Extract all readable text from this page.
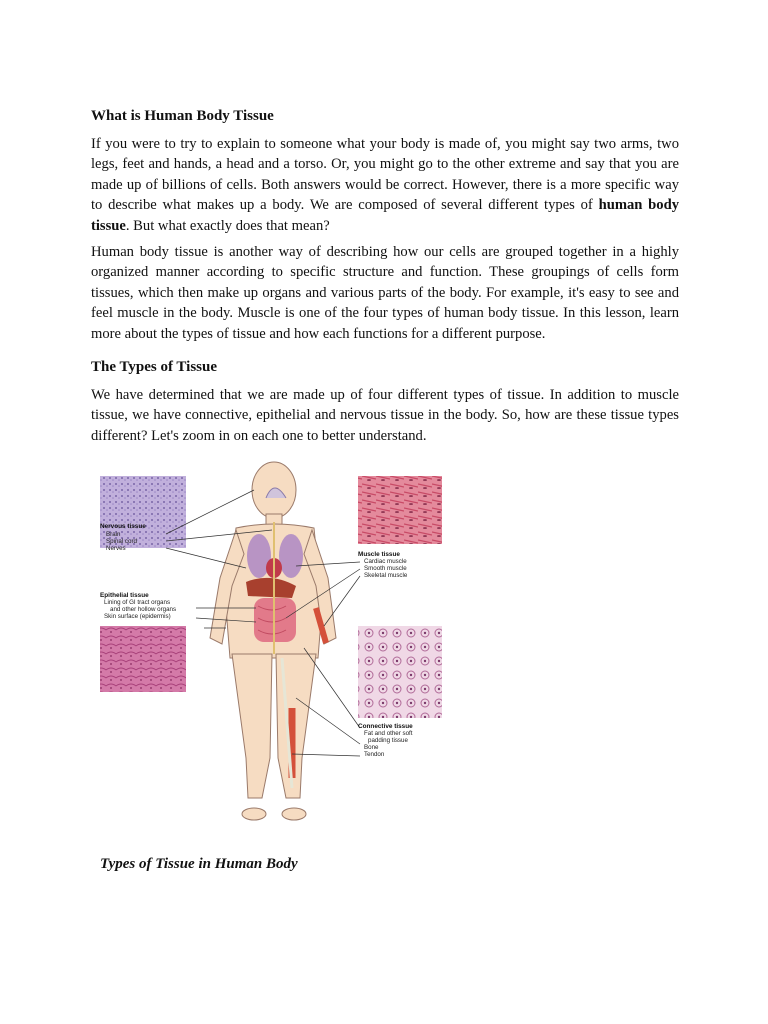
What is Human Body Tissue

If you were to try to explain to someone what your body is made of, you might say two arms, two legs, feet and hands, a head and a torso. Or, you might go to the other extreme and say that you are made up of billions of cells. Both answers would be correct. However, there is a more specific way to describe what makes up a body. We are composed of several different types of human body tissue. But what exactly does that mean?

Human body tissue is another way of describing how our cells are grouped together in a highly organized manner according to specific structure and function. These groupings of cells form tissues, which then make up organs and various parts of the body. For example, it's easy to see and feel muscle in the body. Muscle is one of the four types of human body tissue. In this lesson, learn more about the types of tissue and how each functions for a different purpose.

The Types of Tissue

We have determined that we are made up of four different types of tissue. In addition to muscle tissue, we have connective, epithelial and nervous tissue in the body. So, how are these tissue types different? Let's zoom in on each one to better understand.

Nervous tissue
Brain
Spinal cord
Nerves
Epithelial tissue
Lining of GI tract organs
and other hollow organs
Skin surface (epidermis)
Muscle tissue
Cardiac muscle
Smooth muscle
Skeletal muscle
Connective tissue
Fat and other soft
padding tissue
Bone
Tendon

Types of Tissue in Human Body
